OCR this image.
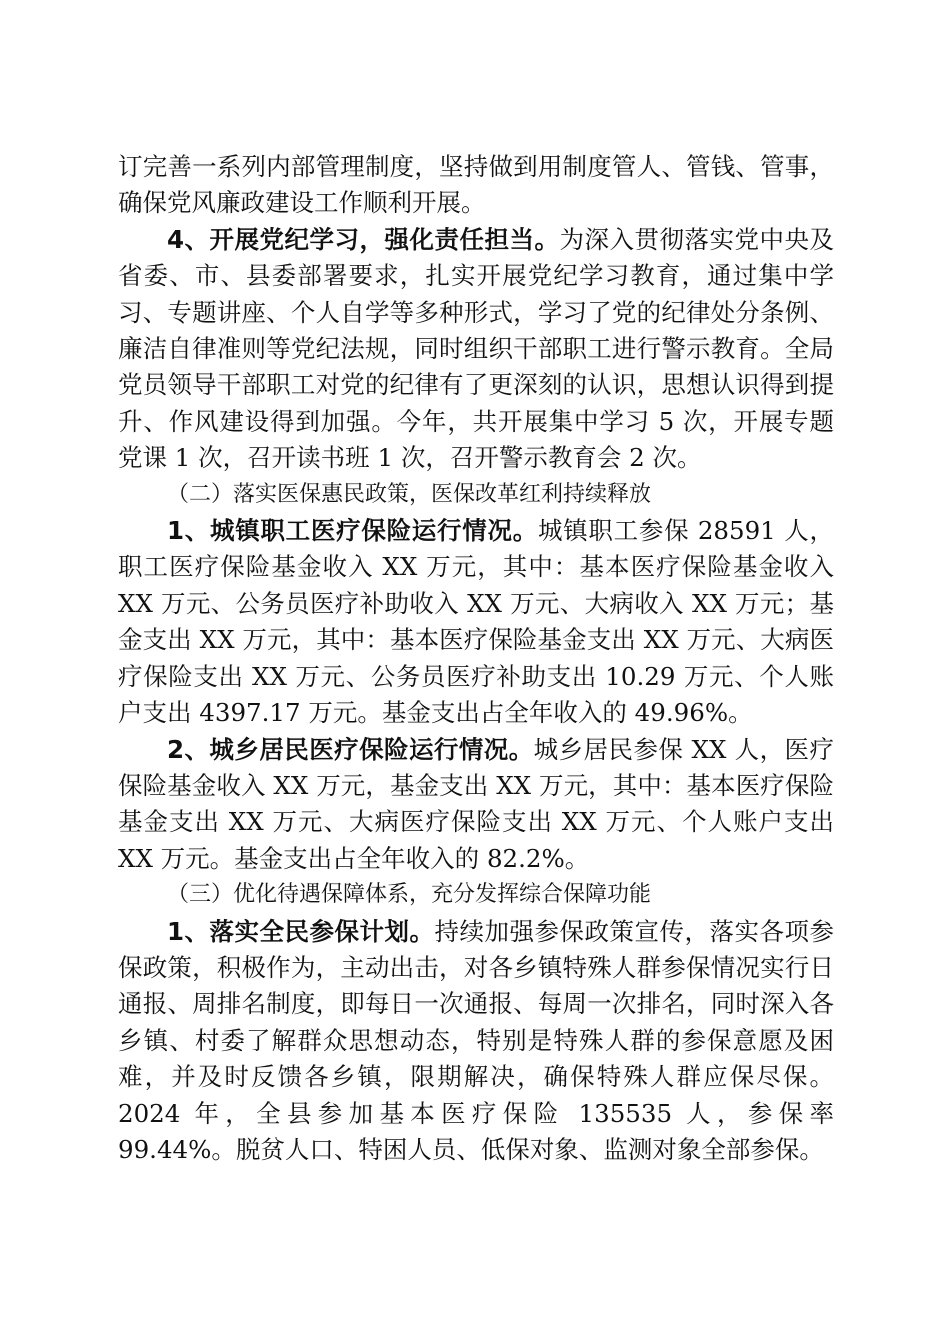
订完善一系列内部管理制度，坚持做到用制度管人、管钱、管事，确保党风廉政建设工作顺利开展。

4、开展党纪学习，强化责任担当。为深入贯彻落实党中央及省委、市、县委部署要求，扎实开展党纪学习教育，通过集中学习、专题讲座、个人自学等多种形式，学习了党的纪律处分条例、廉洁自律准则等党纪法规，同时组织干部职工进行警示教育。全局党员领导干部职工对党的纪律有了更深刻的认识，思想认识得到提升、作风建设得到加强。今年，共开展集中学习 5 次，开展专题党课 1 次，召开读书班 1 次，召开警示教育会 2 次。

（二）落实医保惠民政策，医保改革红利持续释放

1、城镇职工医疗保险运行情况。城镇职工参保 28591 人，职工医疗保险基金收入 XX 万元，其中：基本医疗保险基金收入 XX 万元、公务员医疗补助收入 XX 万元、大病收入 XX 万元；基金支出 XX 万元，其中：基本医疗保险基金支出 XX 万元、大病医疗保险支出 XX 万元、公务员医疗补助支出 10.29 万元、个人账户支出 4397.17 万元。基金支出占全年收入的 49.96%。

2、城乡居民医疗保险运行情况。城乡居民参保 XX 人，医疗保险基金收入 XX 万元，基金支出 XX 万元，其中：基本医疗保险基金支出 XX 万元、大病医疗保险支出 XX 万元、个人账户支出 XX 万元。基金支出占全年收入的 82.2%。

（三）优化待遇保障体系，充分发挥综合保障功能

1、落实全民参保计划。持续加强参保政策宣传，落实各项参保政策，积极作为，主动出击，对各乡镇特殊人群参保情况实行日通报、周排名制度，即每日一次通报、每周一次排名，同时深入各乡镇、村委了解群众思想动态，特别是特殊人群的参保意愿及困难，并及时反馈各乡镇，限期解决，确保特殊人群应保尽保。2024 年，全县参加基本医疗保险 135535 人，参保率 99.44%。脱贫人口、特困人员、低保对象、监测对象全部参保。
